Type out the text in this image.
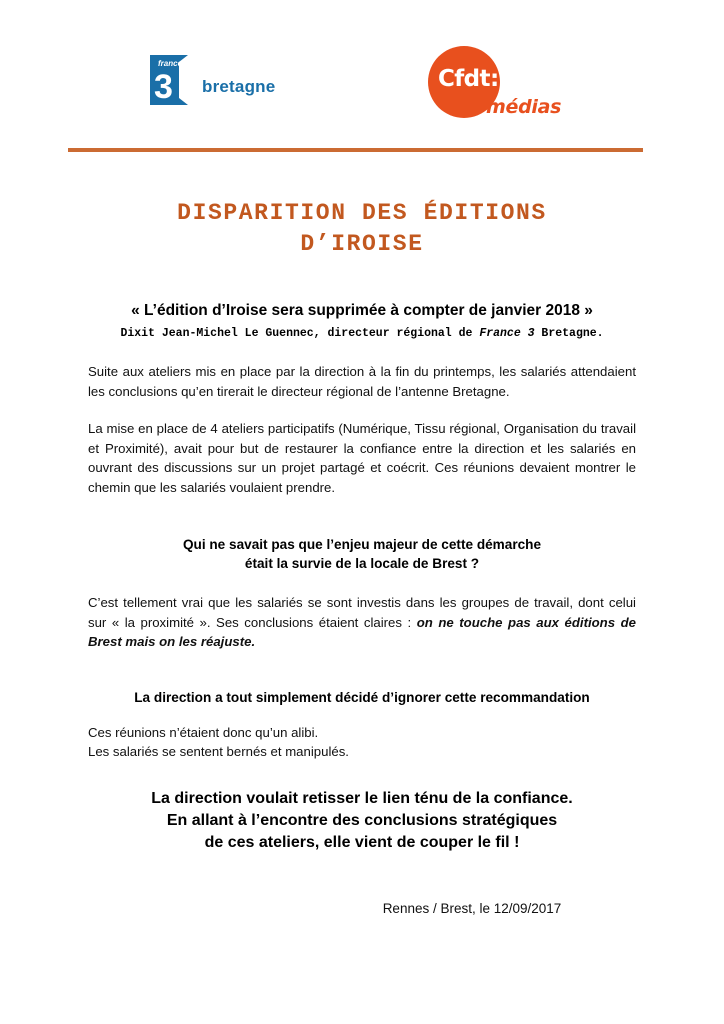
france
3 bretagne	Cfdt:
médias
DISPARITION DES ÉDITIONS
D’IROISE
« L’édition d’Iroise sera supprimée à compter de janvier 2018 »
Dixit Jean-Michel Le Guennec, directeur régional de France 3 Bretagne.

Suite aux ateliers mis en place par la direction à la fin du printemps, les salariés attendaient les conclusions qu’en tirerait le directeur régional de l’antenne Bretagne.

La mise en place de 4 ateliers participatifs (Numérique, Tissu régional, Organisation du travail et Proximité), avait pour but de restaurer la confiance entre la direction et les salariés en ouvrant des discussions sur un projet partagé et coécrit. Ces réunions devaient montrer le chemin que les salariés voulaient prendre.

Qui ne savait pas que l’enjeu majeur de cette démarche
était la survie de la locale de Brest ?

C’est tellement vrai que les salariés se sont investis dans les groupes de travail, dont celui sur « la proximité ». Ses conclusions étaient claires : on ne touche pas aux éditions de Brest mais on les réajuste.

La direction a tout simplement décidé d’ignorer cette recommandation
Ces réunions n’étaient donc qu’un alibi.
Les salariés se sentent bernés et manipulés.
La direction voulait retisser le lien ténu de la confiance.
En allant à l’encontre des conclusions stratégiques
de ces ateliers, elle vient de couper le fil !
Rennes / Brest, le 12/09/2017
